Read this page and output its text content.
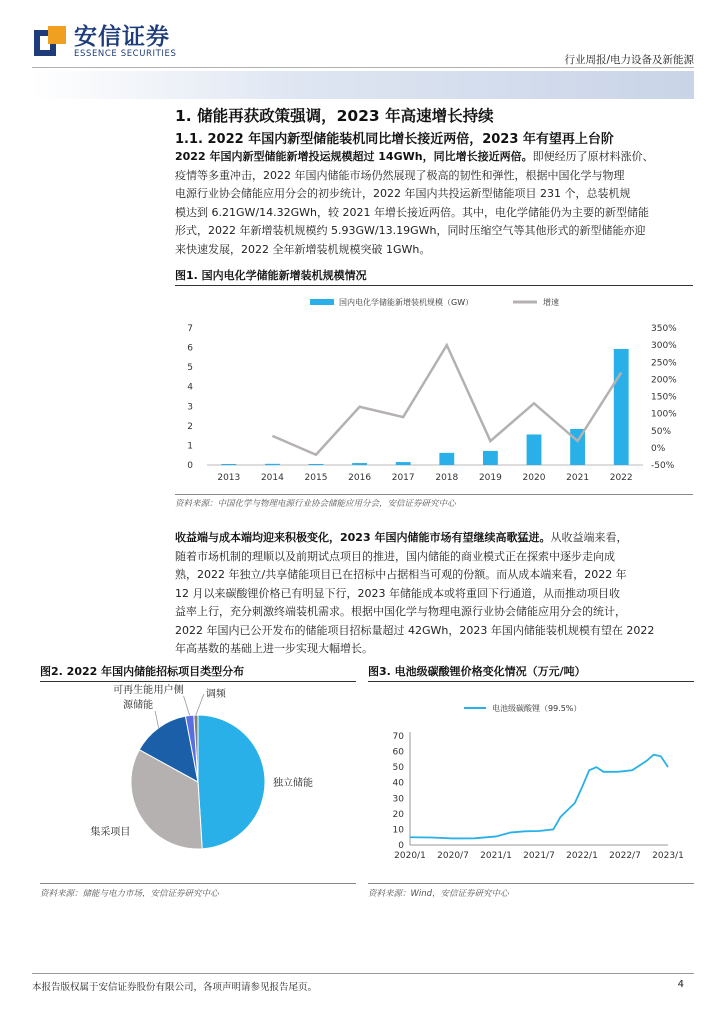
安信证券
ESSENCE SECURITIES	行业周报/电力设备及新能源
1. 储能再获政策强调，2023 年高速增长持续
1.1. 2022 年国内新型储能装机同比增长接近两倍，2023 年有望再上台阶
2022 年国内新型储能新增投运规模超过 14GWh，同比增长接近两倍。即便经历了原材料涨价、
疫情等多重冲击，2022 年国内储能市场仍然展现了极高的韧性和弹性，根据中国化学与物理
电源行业协会储能应用分会的初步统计，2022 年国内共投运新型储能项目 231 个，总装机规
模达到 6.21GW/14.32GWh，较 2021 年增长接近两倍。其中，电化学储能仍为主要的新型储能
形式，2022 年新增装机规模约 5.93GW/13.19GWh，同时压缩空气等其他形式的新型储能亦迎
来快速发展，2022 全年新增装机规模突破 1GWh。
图1. 国内电化学储能新增装机规模情况
国内电化学储能新增装机规模（GW）	增速
0
1
2
3
4
5
6
7
-50%
0%
50%
100%
150%
200%
250%
300%
350%
2013 2014 2015 2016 2017 2018 2019 2020 2021 2022
资料来源：中国化学与物理电源行业协会储能应用分会，安信证券研究中心
收益端与成本端均迎来积极变化，2023 年国内储能市场有望继续高歌猛进。从收益端来看，
随着市场机制的理顺以及前期试点项目的推进，国内储能的商业模式正在探索中逐步走向成
熟，2022 年独立/共享储能项目已在招标中占据相当可观的份额。而从成本端来看，2022 年
12 月以来碳酸锂价格已有明显下行，2023 年储能成本或将重回下行通道，从而推动项目收
益率上行，充分刺激终端装机需求。根据中国化学与物理电源行业协会储能应用分会的统计，
2022 年国内已公开发布的储能项目招标量超过 42GWh，2023 年国内储能装机规模有望在 2022
年高基数的基础上进一步实现大幅增长。
图2. 2022 年国内储能招标项目类型分布
独立储能
集采项目
可再生能
源储能
用户侧 调频
资料来源：储能与电力市场，安信证券研究中心
图3. 电池级碳酸锂价格变化情况（万元/吨）
电池级碳酸锂（99.5%）
0
10
20
30
40
50
60
70
2020/1 2020/7 2021/1 2021/7 2022/1 2022/7 2023/1
资料来源：Wind，安信证券研究中心
本报告版权属于安信证券股份有限公司，各项声明请参见报告尾页。	4
